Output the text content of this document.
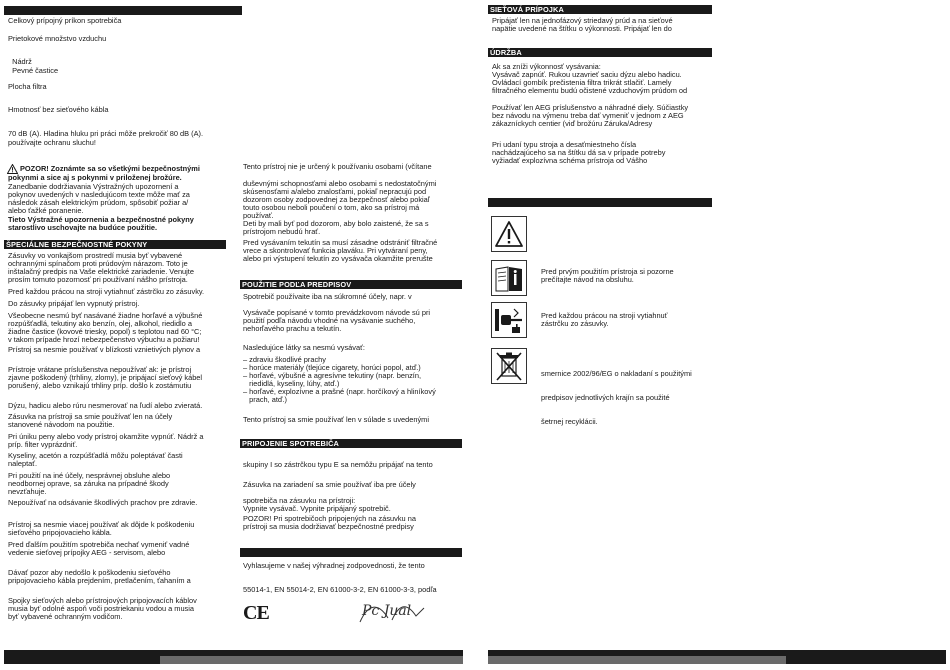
Celkový prípojný príkon spotrebiča
Prietokové množstvo vzduchu
Nádrž
Pevné častice
Plocha filtra
Hmotnosť bez sieťového kábla
70 dB (A). Hladina hluku pri práci môže prekročiť 80 dB (A).
používajte ochranu sluchu!
POZOR! Zoznámte sa so všetkými bezpečnostnými
pokynmi a sice aj s pokynmi v priloženej brožúre.
Zanedbanie dodržiavania Výstražných upozornení a
pokynov uvedených v nasledujúcom texte môže mať za
následok zásah elektrickým prúdom, spôsobiť požiar a/
alebo ťažké poranenie.
Tieto Výstražné upozornenia a bezpečnostné pokyny
starostlivo uschovajte na budúce použitie.
ŠPECIÁLNE BEZPEČNOSTNÉ POKYNY
Zásuvky vo vonkajšom prostredí musia byť vybavené
ochrannými spínačom proti prúdovým nárazom. Toto je
inštalačný predpis na Vaše elektrické zariadenie. Venujte
prosím tomuto pozornosť pri používaní nášho prístroja.
Pred každou prácou na stroji vytiahnuť zástrčku zo zásuvky.
Do zásuvky pripájať len vypnutý prístroj.
Všeobecne nesmú byť nasávané žiadne horľavé a výbušné
rozpúšťadlá, tekutiny ako benzín, olej, alkohol, riedidlo a
žiadne častice (kovové triesky, popol) s teplotou nad 60 °C;
v takom prípade hrozí nebezpečenstvo výbuchu a požiaru!
Prístroj sa nesmie používať v blízkosti vznietivých plynov a
Prístroje vrátane príslušenstva nepoužívať ak: je prístroj
zjavne poškodený (trhliny, zlomy), je pripájací sieťový kábel
porušený, alebo vznikajú trhliny príp. došlo k zostámutiu
Dýzu, hadicu alebo rúru nesmerovať na ľudí alebo zvieratá.
Zásuvka na prístroji sa smie používať len na účely
stanovené návodom na použitie.
Pri úniku peny alebo vody prístroj okamžite vypnúť. Nádrž a
príp. filter vyprázdniť.
Kyseliny, acetón a rozpúšťadlá môžu poleptávať časti
naleptať.
Pri použití na iné účely, nesprávnej obsluhe alebo
neodbornej oprave, sa záruka na prípadné škody
nevzťahuje.
Nepoužívať na odsávanie škodlivých prachov pre zdravie.
Prístroj sa nesmie viacej používať ak dôjde k poškodeniu
sieťového pripojovacieho kábla.
Pred ďalším použitím spotrebiča nechať vymeniť vadné
vedenie sieťovej prípojky AEG - servisom, alebo
Dávať pozor aby nedošlo k poškodeniu sieťového
pripojovacieho kábla prejdením, pretlačením, ťahaním a
Spojky sieťových alebo prístrojových pripojovacích káblov
musia byť odolné aspoň voči postriekaniu vodou a musia
byť vybavené ochranným vodičom.
Tento prístroj nie je určený k používaniu osobami (včítane
duševnými schopnosťami alebo osobami s nedostatočnými
skúsenosťami a/alebo znalosťami, pokiaľ nepracujú pod
dozorom osoby zodpovednej za bezpečnosť alebo pokiaľ
touto osobou neboli poučení o tom, ako sa prístroj má
používať.
Deti by mali byť pod dozorom, aby bolo zaistené, že sa s
prístrojom nebudú hrať.
Pred vysávaním tekutín sa musí zásadne odstrániť filtračné
vrece a skontrolovať funkcia plaváku. Pri vytváraní peny,
alebo pri výstupení tekutín zo vysávača okamžite prerušte
POUŽITIE PODĽA PREDPISOV
Spotrebič používaite iba na súkromné účely, napr. v
Vysávače popísané v tomto prevádzkovom návode sú pri
použití podľa návodu vhodné na vysávanie suchého,
nehorľavého prachu a tekutín.
Nasledujúce látky sa nesmú vysávať:
– zdraviu škodlivé prachy
– horúce materiály (tlejúce cigarety, horúci popol, atď.)
– horľavé, výbušné a agresívne tekutiny (napr. benzín,
riedidlá, kyseliny, lúhy, atď.)
– horľavé, explozívne a prašné (napr. horčíkový a hliníkový
prach, atď.)
Tento prístroj sa smie používať len v súlade s uvedenými
PRIPOJENIE SPOTREBIČA
skupiny I so zástrčkou typu E sa nemôžu pripájať na tento
Zásuvka na zariadení sa smie používať iba pre účely
spotrebiča na zásuvku na prístroji:
Vypnite vysávač. Vypnite pripájaný spotrebič.
POZOR! Pri spotrebičoch pripojených na zásuvku na
prístroji sa musia dodržiavať bezpečnostné predpisy
Vyhlasujeme v našej výhradnej zodpovednosti, že tento
55014-1, EN 55014-2, EN 61000-3-2, EN 61000-3-3, podľa
CE	Pc Jual
SIEŤOVÁ PRÍPOJKA
Pripájať len na jednofázový striedavý prúd a na sieťové
napätie uvedené na štítku o výkonnosti. Pripájať len do
ÚDRŽBA
Ak sa zníži výkonnosť vysávania:
Vysávač zapnúť. Rukou uzavrieť saciu dýzu alebo hadicu.
Ovládací gombík prečistenia filtra trikrát stlačiť. Lamely
filtračného elementu budú očistené vzduchovým prúdom od
Používať len AEG príslušenstvo a náhradné diely. Súčiastky
bez návodu na výmenu treba dať vymeniť v jednom z AEG
zákazníckych centier (viď brožúru Záruka/Adresy
Pri udaní typu stroja a desaťmiestneho čísla
nachádzajúceho sa na štítku dá sa v prípade potreby
vyžiadať explozívna schéma prístroja od Vášho
Pred prvým použitím prístroja si pozorne
prečítajte návod na obsluhu.
Pred každou prácou na stroji vytiahnuť
zástrčku zo zásuvky.
smernice 2002/96/EG o nakladaní s použitými
predpisov jednotlivých krajín sa použité
šetrnej recyklácii.
